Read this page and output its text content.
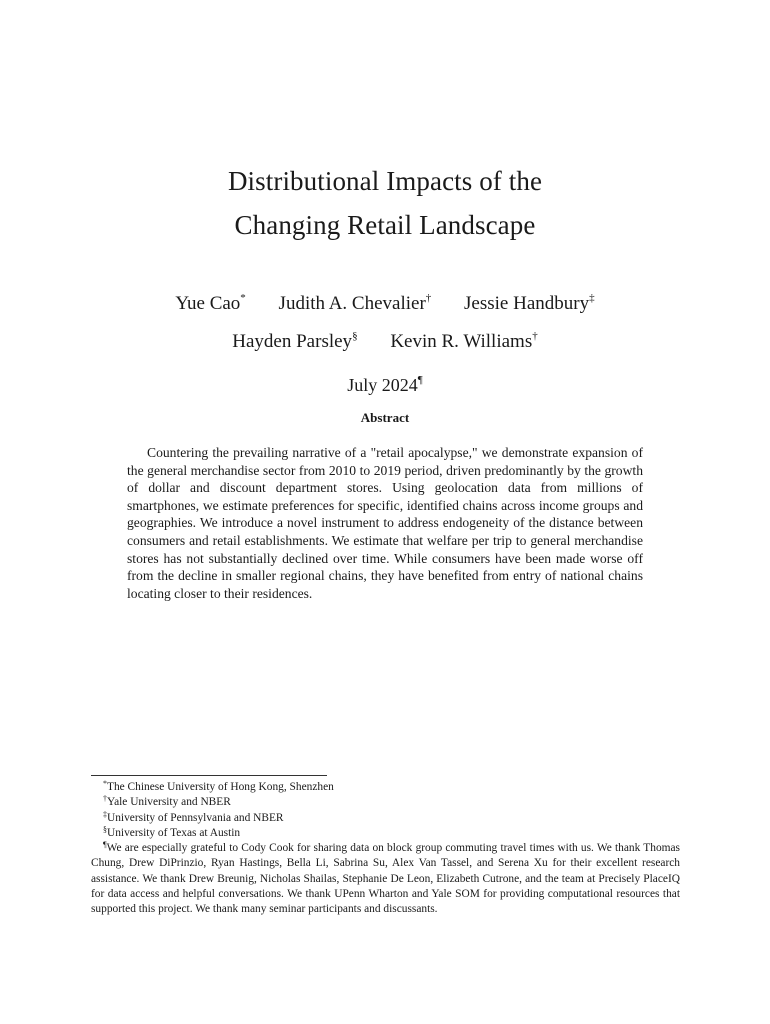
Distributional Impacts of the
Changing Retail Landscape
Yue Cao* Judith A. Chevalier† Jessie Handbury‡
Hayden Parsley§ Kevin R. Williams†
July 2024¶
Abstract

Countering the prevailing narrative of a "retail apocalypse," we demonstrate expansion of the general merchandise sector from 2010 to 2019 period, driven predominantly by the growth of dollar and discount department stores. Using geolocation data from millions of smartphones, we estimate preferences for specific, identified chains across income groups and geographies. We introduce a novel instrument to address endogeneity of the distance between consumers and retail establishments. We estimate that welfare per trip to general merchandise stores has not substantially declined over time. While consumers have been made worse off from the decline in smaller regional chains, they have benefited from entry of national chains locating closer to their residences.

*The Chinese University of Hong Kong, Shenzhen

†Yale University and NBER

‡University of Pennsylvania and NBER

§University of Texas at Austin

¶We are especially grateful to Cody Cook for sharing data on block group commuting travel times with us. We thank Thomas Chung, Drew DiPrinzio, Ryan Hastings, Bella Li, Sabrina Su, Alex Van Tassel, and Serena Xu for their excellent research assistance. We thank Drew Breunig, Nicholas Shailas, Stephanie De Leon, Elizabeth Cutrone, and the team at Precisely PlaceIQ for data access and helpful conversations. We thank UPenn Wharton and Yale SOM for providing computational resources that supported this project. We thank many seminar participants and discussants.
